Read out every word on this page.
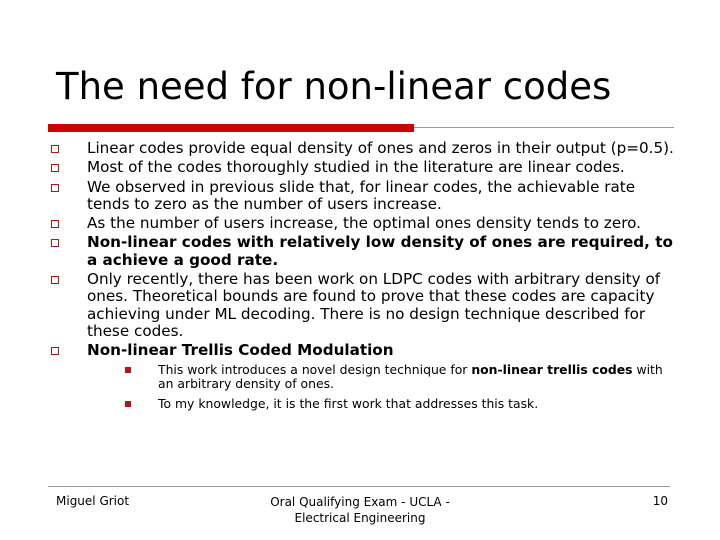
The need for non-linear codes
Linear codes provide equal density of ones and zeros in their output (p=0.5).
Most of the codes thoroughly studied in the literature are linear codes.
We observed in previous slide that, for linear codes, the achievable rate tends to zero as the number of users increase.
As the number of users increase, the optimal ones density tends to zero.
Non-linear codes with relatively low density of ones are required, to a achieve a good rate.
Only recently, there has been work on LDPC codes with arbitrary density of ones. Theoretical bounds are found to prove that these codes are capacity achieving under ML decoding. There is no design technique described for these codes.
Non-linear Trellis Coded Modulation
This work introduces a novel design technique for non-linear trellis codes with an arbitrary density of ones.
To my knowledge, it is the first work that addresses this task.
Miguel Griot	Oral Qualifying Exam - UCLA -
Electrical Engineering
10
